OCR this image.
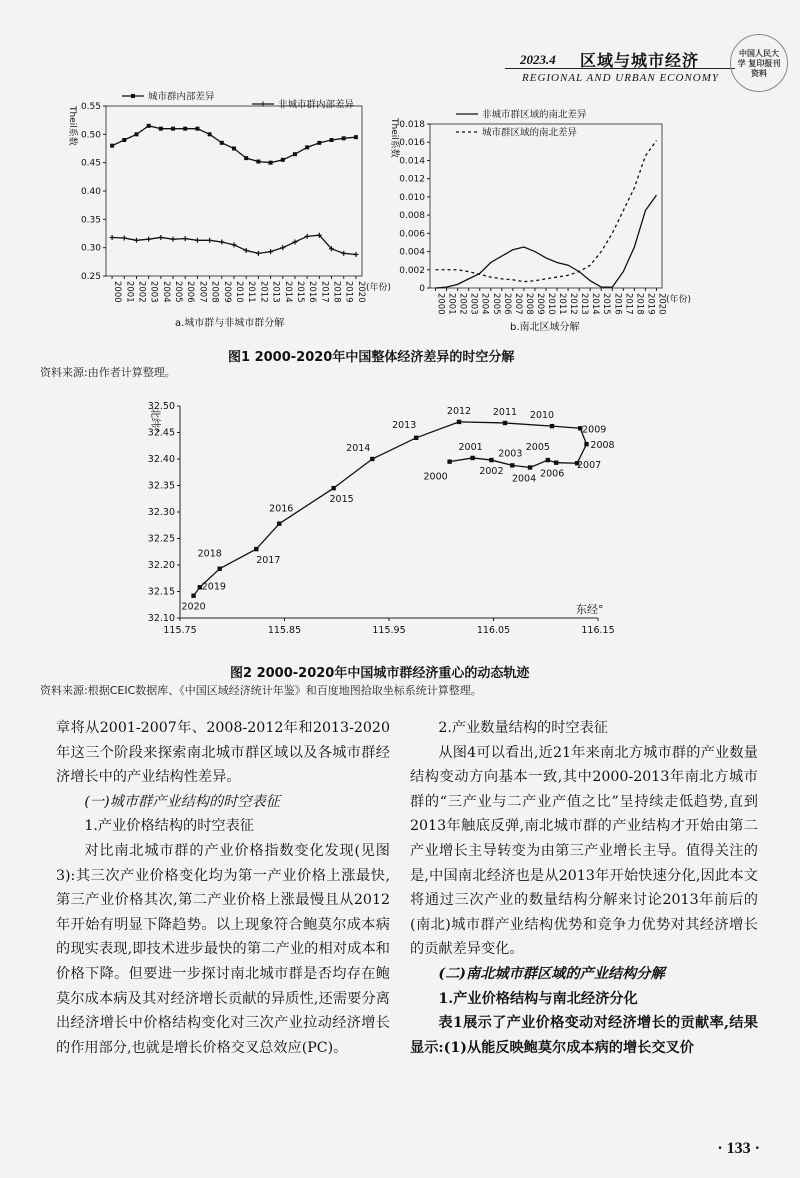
2023.4 区域与城市经济
REGIONAL AND URBAN ECONOMY
中国人民大学 复印报刊资料
Theil系数 0.55
0.50
0.45
0.40
0.35
0.30
0.25
2000 2001 2002 2003 2004 2005 2006 2007 2008 2009 2010 2011 2012 2013 2014 2015 2016 2017 2018 2019 2020 (年份)
城市群内部差异
非城市群内部差异
Theil系数 0.018
0.016
0.014
0.012
0.010
0.008
0.006
0.004
0.002
0
2000 2001 2002 2003 2004 2005 2006 2007 2008 2009 2010 2011 2012 2013 2014 2015 2016 2017 2018 2019 2020 (年份)
非城市群区域的南北差异
城市群区域的南北差异
a.城市群与非城市群分解	b.南北区域分解
图1 2000-2020年中国整体经济差异的时空分解
资料来源:由作者计算整理。
32.50
32.45
32.40
32.35
32.30
32.25
32.20
32.15
32.10
115.75	115.85	115.95	116.05	116.15
2000
2001
2002
2003
2004
2005
2006
2007
2008
2009
2010
2011
2012
2013
2014
2015
2016
2017
2018
2019
2020
北纬°
东经°
图2 2000-2020年中国城市群经济重心的动态轨迹
资料来源:根据CEIC数据库、《中国区域经济统计年鉴》和百度地图拾取坐标系统计算整理。

章将从2001-2007年、2008-2012年和2013-2020年这三个阶段来探索南北城市群区域以及各城市群经济增长中的产业结构性差异。

(一)城市群产业结构的时空表征

1.产业价格结构的时空表征

对比南北城市群的产业价格指数变化发现(见图3):其三次产业价格变化均为第一产业价格上涨最快,第三产业价格其次,第二产业价格上涨最慢且从2012年开始有明显下降趋势。以上现象符合鲍莫尔成本病的现实表现,即技术进步最快的第二产业的相对成本和价格下降。但要进一步探讨南北城市群是否均存在鲍莫尔成本病及其对经济增长贡献的异质性,还需要分离出经济增长中价格结构变化对三次产业拉动经济增长的作用部分,也就是增长价格交叉总效应(PC)。

2.产业数量结构的时空表征

从图4可以看出,近21年来南北方城市群的产业数量结构变动方向基本一致,其中2000-2013年南北方城市群的“三产业与二产业产值之比”呈持续走低趋势,直到2013年触底反弹,南北城市群的产业结构才开始由第二产业增长主导转变为由第三产业增长主导。值得关注的是,中国南北经济也是从2013年开始快速分化,因此本文将通过三次产业的数量结构分解来讨论2013年前后的(南北)城市群产业结构优势和竞争力优势对其经济增长的贡献差异变化。

(二)南北城市群区域的产业结构分解

1.产业价格结构与南北经济分化

表1展示了产业价格变动对经济增长的贡献率,结果显示:(1)从能反映鲍莫尔成本病的增长交叉价

· 133 ·
